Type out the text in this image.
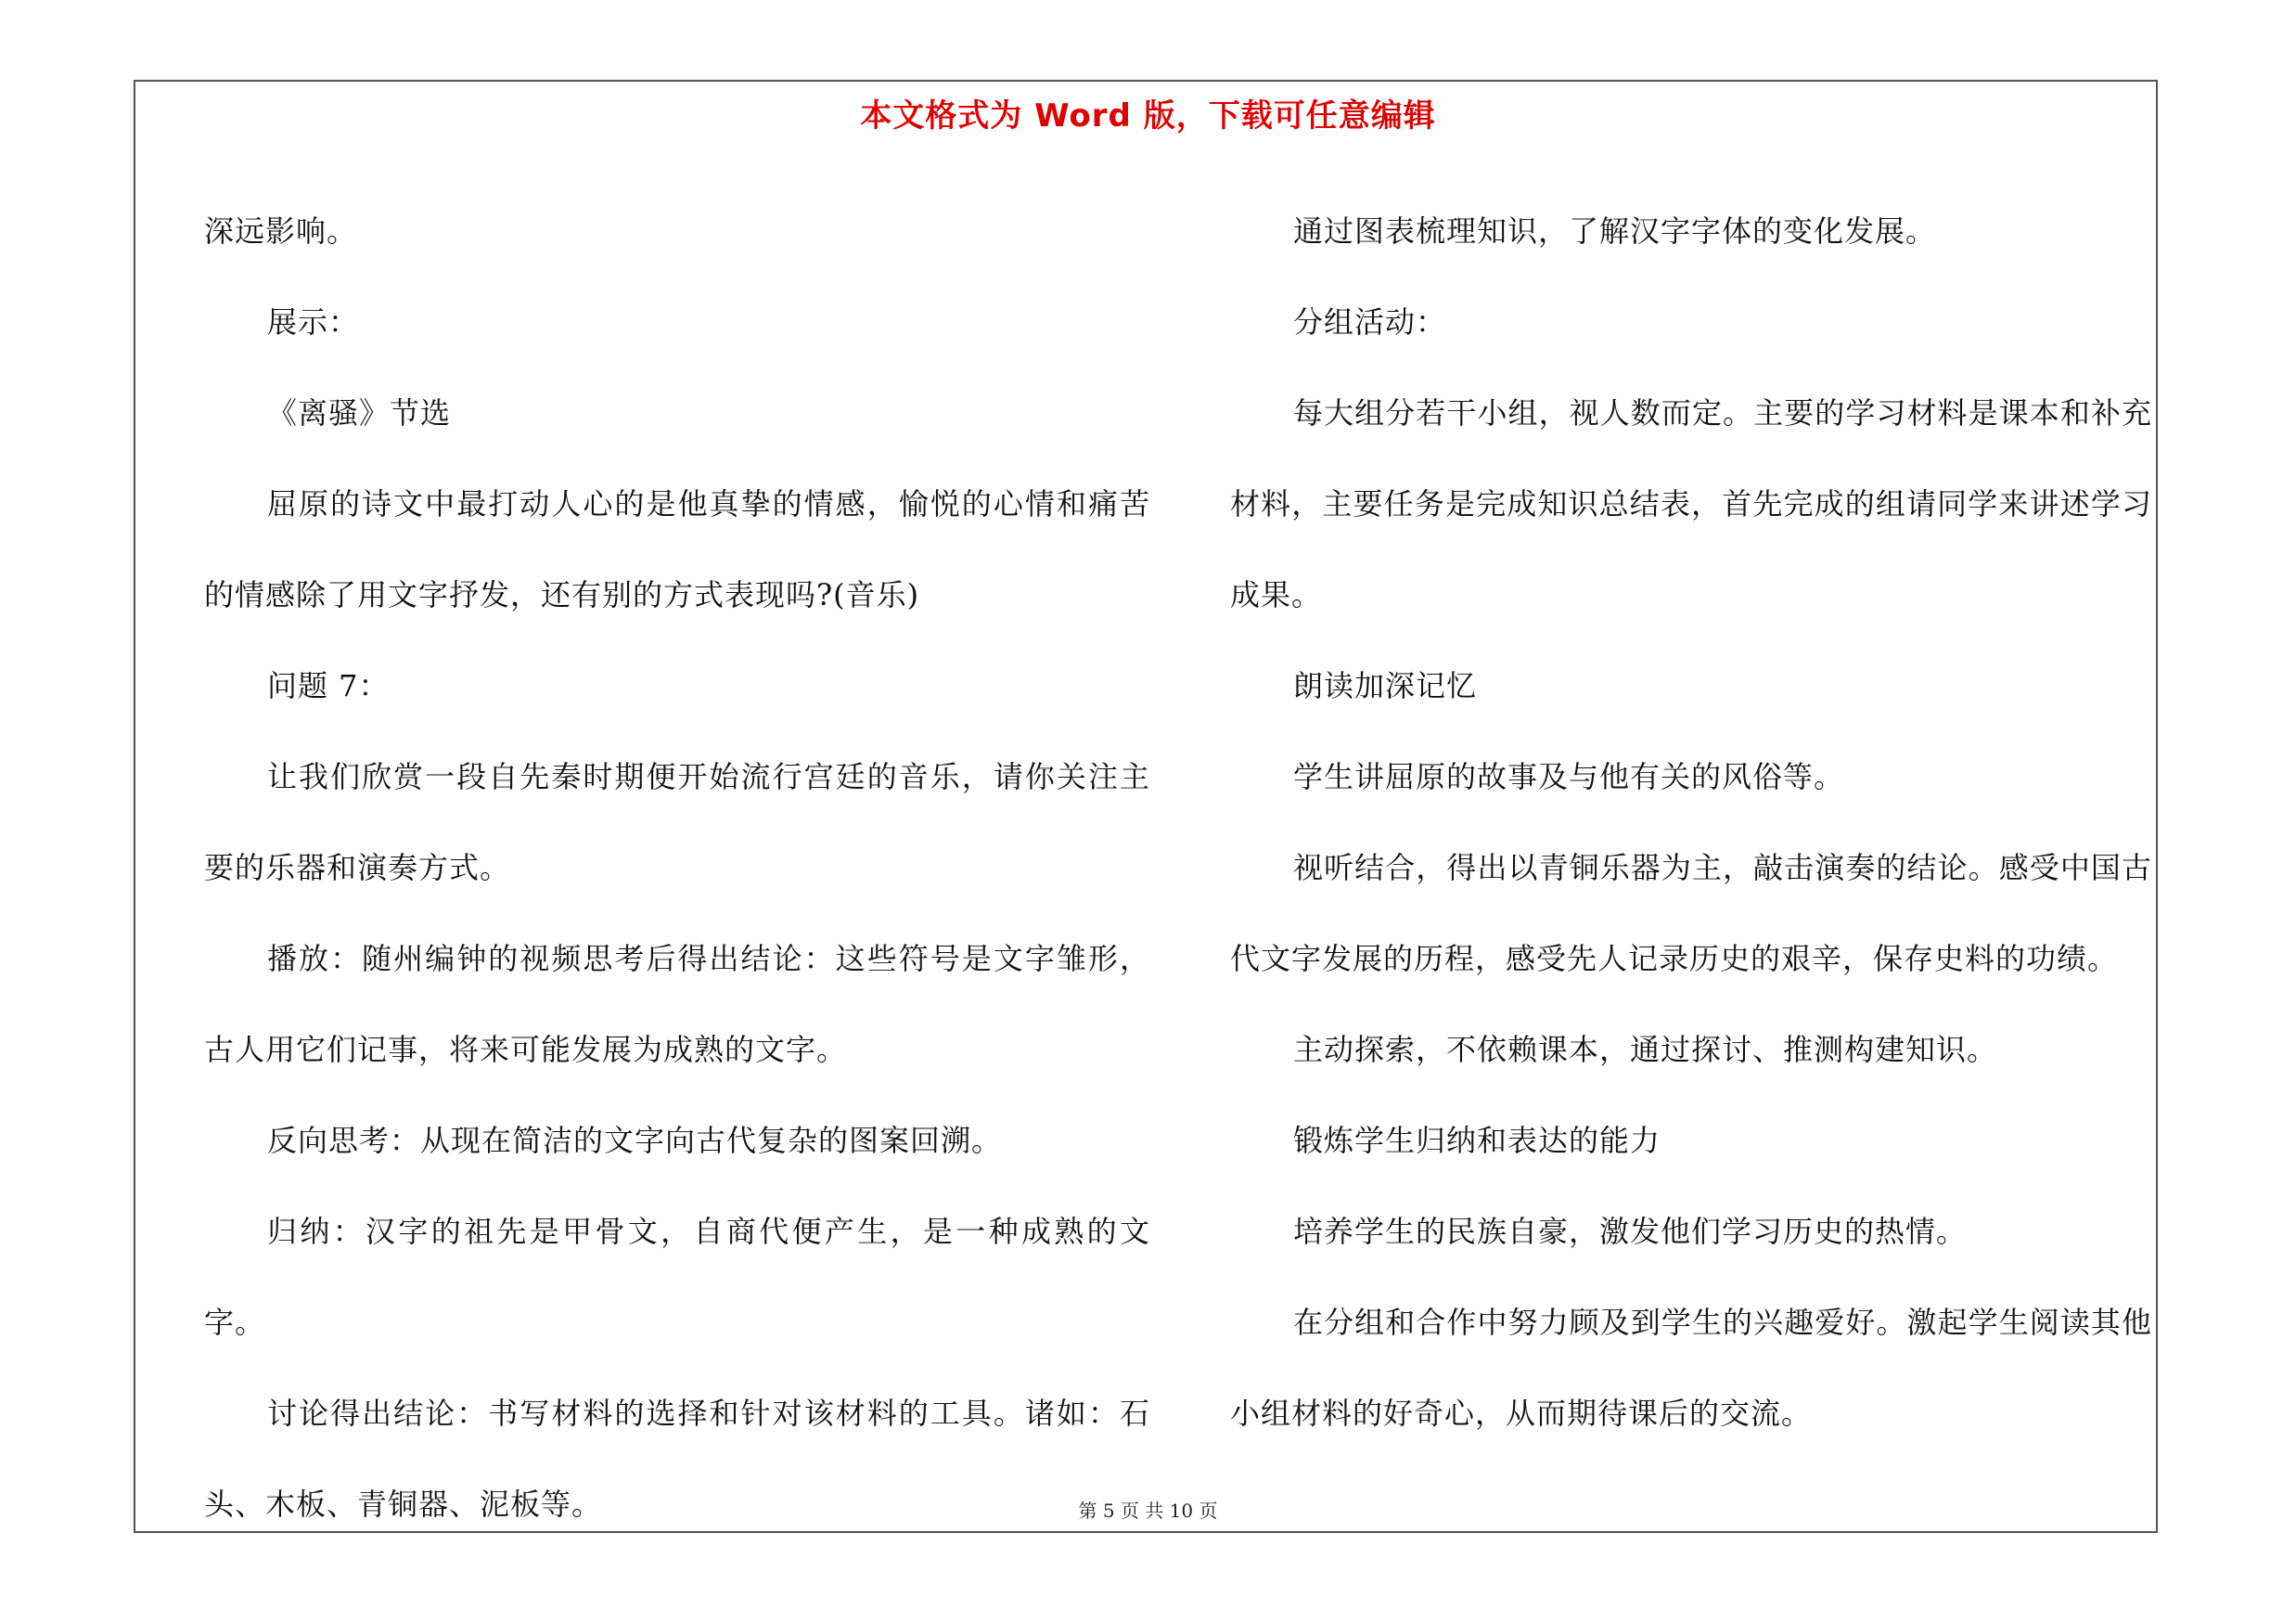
本文格式为 Word 版，下载可任意编辑

深远影响。

展示：

《离骚》节选

屈原的诗文中最打动人心的是他真挚的情感，愉悦的心情和痛苦的情感除了用文字抒发，还有别的方式表现吗?(音乐)

问题 7：

让我们欣赏一段自先秦时期便开始流行宫廷的音乐，请你关注主要的乐器和演奏方式。

播放：随州编钟的视频思考后得出结论：这些符号是文字雏形，古人用它们记事，将来可能发展为成熟的文字。

反向思考：从现在简洁的文字向古代复杂的图案回溯。

归纳：汉字的祖先是甲骨文，自商代便产生，是一种成熟的文字。

讨论得出结论：书写材料的选择和针对该材料的工具。诸如：石头、木板、青铜器、泥板等。

通过图表梳理知识，了解汉字字体的变化发展。

分组活动：

每大组分若干小组，视人数而定。主要的学习材料是课本和补充材料，主要任务是完成知识总结表，首先完成的组请同学来讲述学习成果。

朗读加深记忆

学生讲屈原的故事及与他有关的风俗等。

视听结合，得出以青铜乐器为主，敲击演奏的结论。感受中国古代文字发展的历程，感受先人记录历史的艰辛，保存史料的功绩。

主动探索，不依赖课本，通过探讨、推测构建知识。

锻炼学生归纳和表达的能力

培养学生的民族自豪，激发他们学习历史的热情。

在分组和合作中努力顾及到学生的兴趣爱好。激起学生阅读其他小组材料的好奇心，从而期待课后的交流。

第 5 页 共 10 页
